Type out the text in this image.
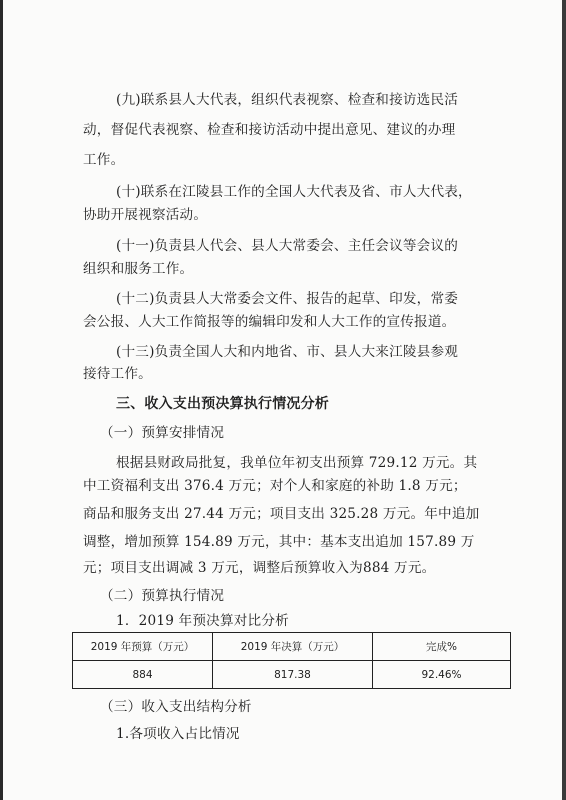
(九)联系县人大代表，组织代表视察、检查和接访选民活
动，督促代表视察、检查和接访活动中提出意见、建议的办理
工作。
(十)联系在江陵县工作的全国人大代表及省、市人大代表，
协助开展视察活动。
(十一)负责县人代会、县人大常委会、主任会议等会议的
组织和服务工作。
(十二)负责县人大常委会文件、报告的起草、印发，常委
会公报、人大工作简报等的编辑印发和人大工作的宣传报道。
(十三)负责全国人大和内地省、市、县人大来江陵县参观
接待工作。
三、收入支出预决算执行情况分析
（一）预算安排情况
根据县财政局批复，我单位年初支出预算 729.12 万元。其
中工资福利支出 376.4 万元；对个人和家庭的补助 1.8 万元；
商品和服务支出 27.44 万元；项目支出 325.28 万元。年中追加
调整，增加预算 154.89 万元，其中：基本支出追加 157.89 万
元；项目支出调减 3 万元，调整后预算收入为884 万元。
（二）预算执行情况
1．2019 年预决算对比分析
2019 年预算（万元）	2019 年决算（万元）	完成%
884	817.38	92.46%
（三）收入支出结构分析
1.各项收入占比情况
